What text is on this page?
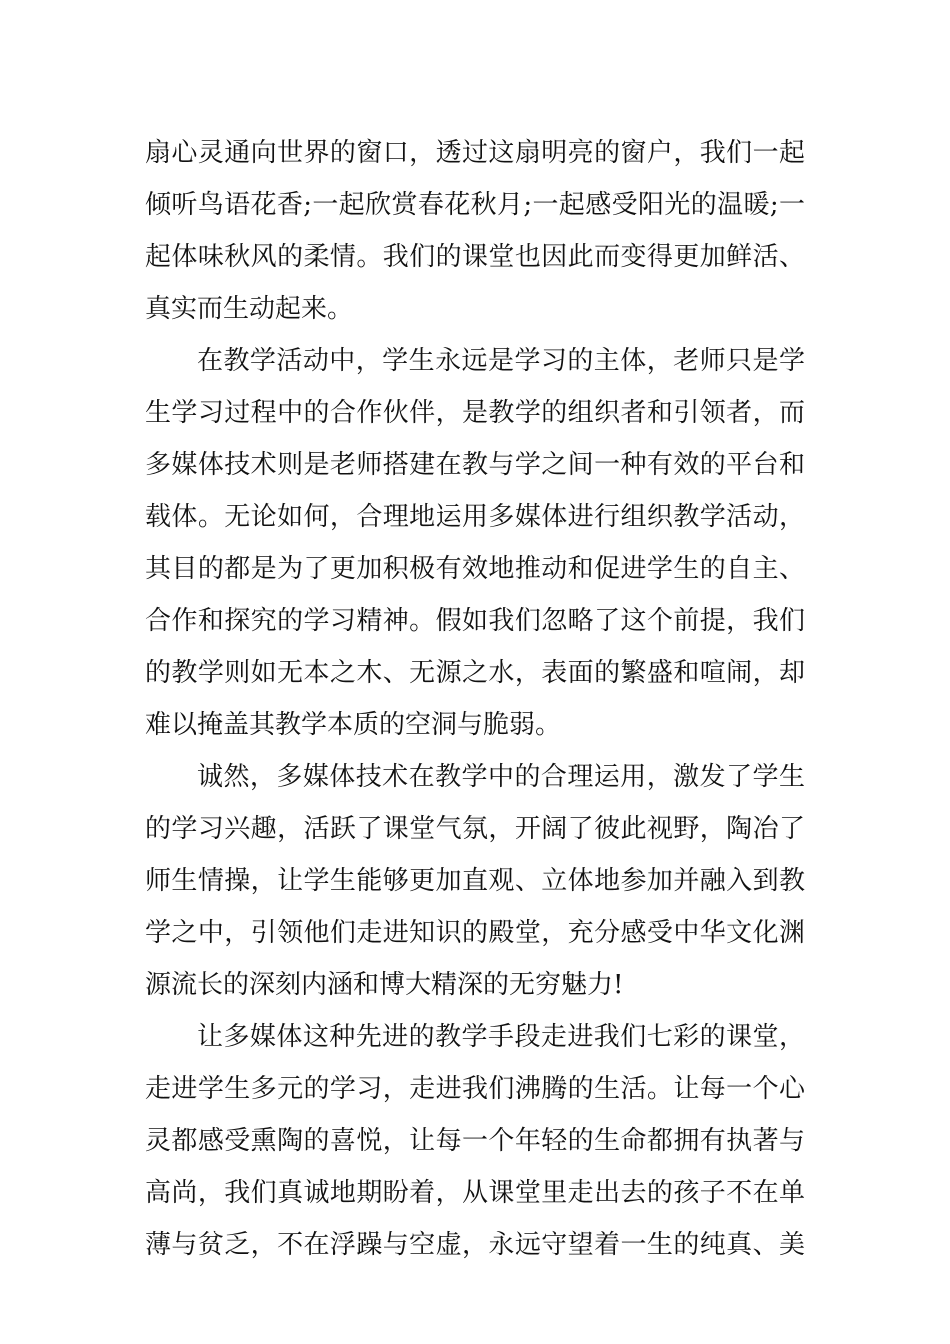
扇心灵通向世界的窗口，透过这扇明亮的窗户，我们一起
倾听鸟语花香;一起欣赏春花秋月;一起感受阳光的温暖;一
起体味秋风的柔情。我们的课堂也因此而变得更加鲜活、
真实而生动起来。
在教学活动中，学生永远是学习的主体，老师只是学
生学习过程中的合作伙伴，是教学的组织者和引领者，而
多媒体技术则是老师搭建在教与学之间一种有效的平台和
载体。无论如何，合理地运用多媒体进行组织教学活动，
其目的都是为了更加积极有效地推动和促进学生的自主、
合作和探究的学习精神。假如我们忽略了这个前提，我们
的教学则如无本之木、无源之水，表面的繁盛和喧闹，却
难以掩盖其教学本质的空洞与脆弱。
诚然，多媒体技术在教学中的合理运用，激发了学生
的学习兴趣，活跃了课堂气氛，开阔了彼此视野，陶冶了
师生情操，让学生能够更加直观、立体地参加并融入到教
学之中，引领他们走进知识的殿堂，充分感受中华文化渊
源流长的深刻内涵和博大精深的无穷魅力!
让多媒体这种先进的教学手段走进我们七彩的课堂，
走进学生多元的学习，走进我们沸腾的生活。让每一个心
灵都感受熏陶的喜悦，让每一个年轻的生命都拥有执著与
高尚，我们真诚地期盼着，从课堂里走出去的孩子不在单
薄与贫乏，不在浮躁与空虚，永远守望着一生的纯真、美
